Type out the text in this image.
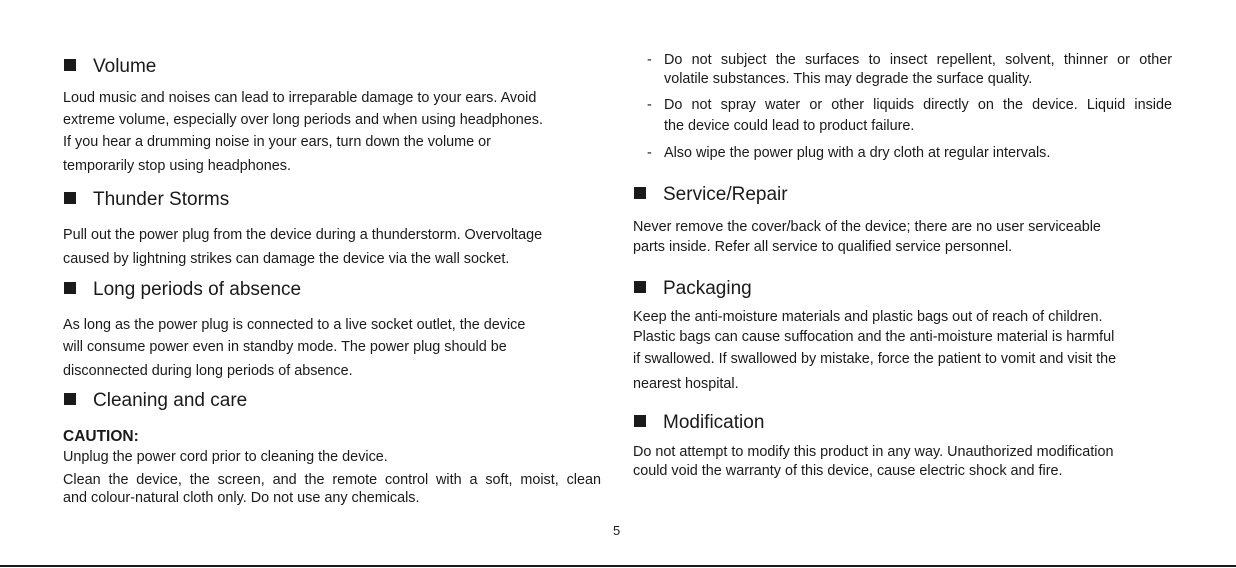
Volume
Loud music and noises can lead to irreparable damage to your ears. Avoid
extreme volume, especially over long periods and when using headphones.
If you hear a drumming noise in your ears, turn down the volume or
temporarily stop using headphones.
Thunder Storms
Pull out the power plug from the device during a thunderstorm. Overvoltage
caused by lightning strikes can damage the device via the wall socket.
Long periods of absence
As long as the power plug is connected to a live socket outlet, the device
will consume power even in standby mode. The power plug should be
disconnected during long periods of absence.
Cleaning and care
CAUTION:
Unplug the power cord prior to cleaning the device.
Clean the device, the screen, and the remote control with a soft, moist, clean
and colour-natural cloth only. Do not use any chemicals.
- Do not subject the surfaces to insect repellent, solvent, thinner or other
volatile substances. This may degrade the surface quality.
- Do not spray water or other liquids directly on the device. Liquid inside
the device could lead to product failure.
- Also wipe the power plug with a dry cloth at regular intervals.
Service/Repair
Never remove the cover/back of the device; there are no user serviceable
parts inside. Refer all service to qualified service personnel.
Packaging
Keep the anti-moisture materials and plastic bags out of reach of children.
Plastic bags can cause suffocation and the anti-moisture material is harmful
if swallowed. If swallowed by mistake, force the patient to vomit and visit the
nearest hospital.
Modification
Do not attempt to modify this product in any way. Unauthorized modification
could void the warranty of this device, cause electric shock and fire.
5
